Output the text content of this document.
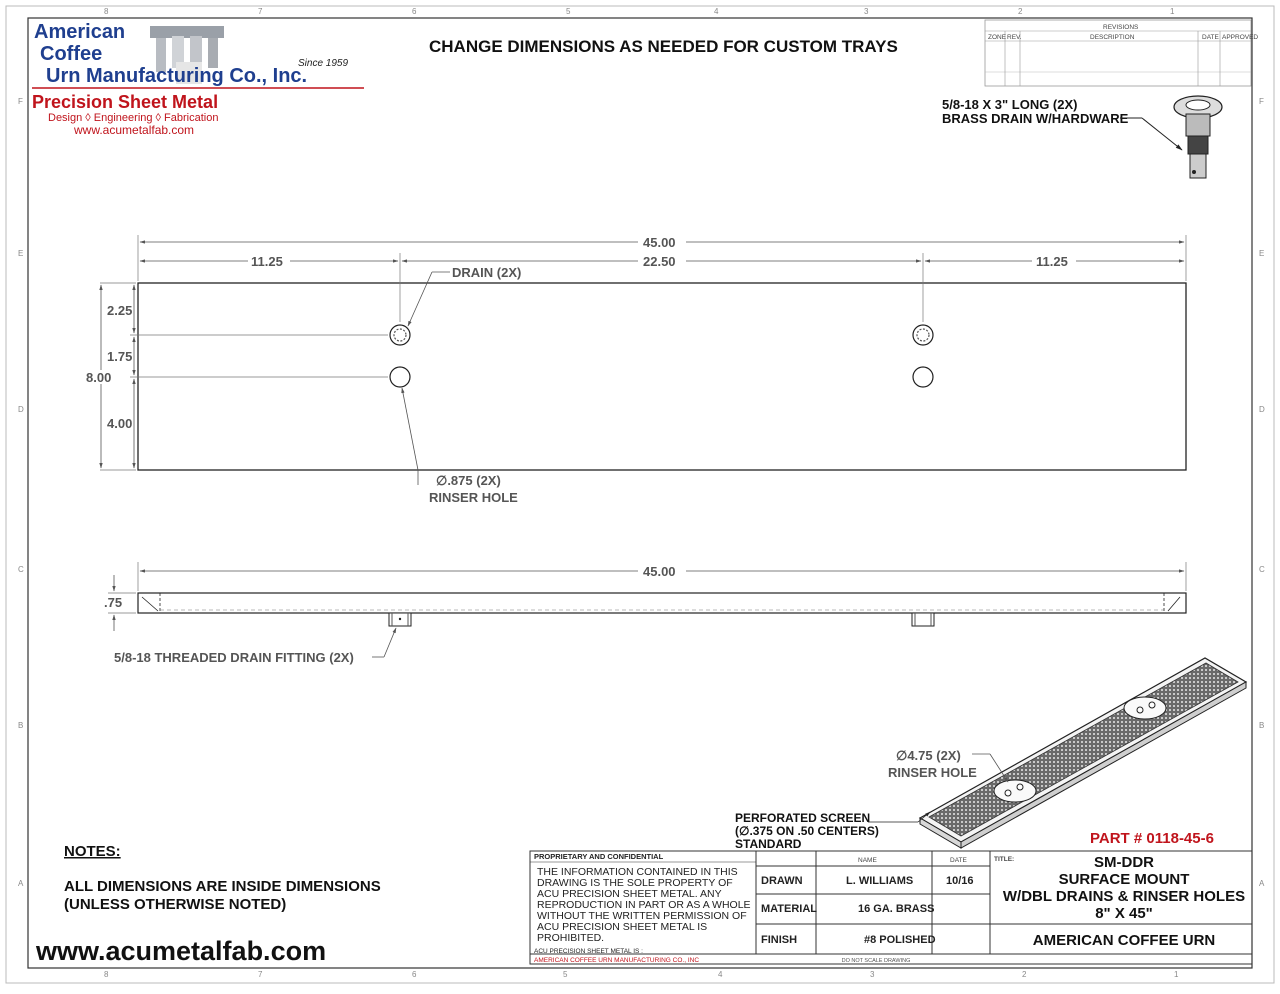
8	7	6	5	4	3	2	1
8	7	6	5	4	3	2	1
F
E
D
C
B
A
F
E
D
C
B
A
American
Coffee
Urn Manufacturing Co., Inc.
Since 1959
Precision Sheet Metal
Design ◊ Engineering ◊ Fabrication
www.acumetalfab.com
CHANGE DIMENSIONS AS NEEDED FOR CUSTOM TRAYS
REVISIONS
ZONE REV.	DESCRIPTION	DATE APPROVED
5/8-18 X 3" LONG (2X)
BRASS DRAIN W/HARDWARE
45.00
11.25	22.50	11.25
DRAIN (2X)
2.25
1.75
8.00
4.00
∅.875 (2X)
RINSER HOLE
45.00
.75
5/8-18 THREADED DRAIN FITTING (2X)
∅4.75 (2X)
RINSER HOLE
PERFORATED SCREEN
(∅.375 ON .50 CENTERS)
STANDARD	PART # 0118-45-6
NOTES:
ALL DIMENSIONS ARE INSIDE DIMENSIONS
(UNLESS OTHERWISE NOTED)
www.acumetalfab.com
PROPRIETARY AND CONFIDENTIAL
THE INFORMATION CONTAINED IN THIS
DRAWING IS THE SOLE PROPERTY OF
ACU PRECISION SHEET METAL. ANY
REPRODUCTION IN PART OR AS A WHOLE
WITHOUT THE WRITTEN PERMISSION OF
ACU PRECISION SHEET METAL IS
PROHIBITED.
ACU PRECISION SHEET METAL IS :
AMERICAN COFFEE URN MANUFACTURING CO., INC
NAME	DATE
DRAWN	L. WILLIAMS	10/16
MATERIAL	16 GA. BRASS
FINISH	#8 POLISHED
TITLE:	SM-DDR
SURFACE MOUNT
W/DBL DRAINS & RINSER HOLES
8" X 45"
AMERICAN COFFEE URN
DO NOT SCALE DRAWING
